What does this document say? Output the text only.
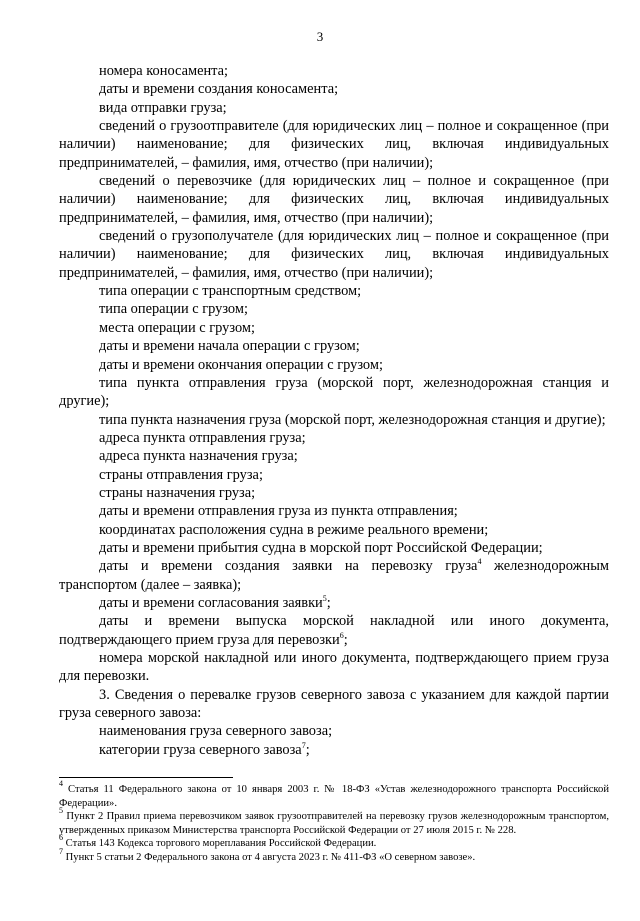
3

номера коносамента;

даты и времени создания коносамента;

вида отправки груза;

сведений о грузоотправителе (для юридических лиц – полное и сокращенное (при наличии) наименование; для физических лиц, включая индивидуальных предпринимателей, – фамилия, имя, отчество (при наличии);

сведений о перевозчике (для юридических лиц – полное и сокращенное (при наличии) наименование; для физических лиц, включая индивидуальных предпринимателей, – фамилия, имя, отчество (при наличии);

сведений о грузополучателе (для юридических лиц – полное и сокращенное (при наличии) наименование; для физических лиц, включая индивидуальных предпринимателей, – фамилия, имя, отчество (при наличии);

типа операции с транспортным средством;

типа операции с грузом;

места операции с грузом;

даты и времени начала операции с грузом;

даты и времени окончания операции с грузом;

типа пункта отправления груза (морской порт, железнодорожная станция и другие);

типа пункта назначения груза (морской порт, железнодорожная станция и другие);

адреса пункта отправления груза;

адреса пункта назначения груза;

страны отправления груза;

страны назначения груза;

даты и времени отправления груза из пункта отправления;

координатах расположения судна в режиме реального времени;

даты и времени прибытия судна в морской порт Российской Федерации;

даты и времени создания заявки на перевозку груза$^4$ железнодорожным транспортом (далее – заявка);

даты и времени согласования заявки$^5$;

даты и времени выпуска морской накладной или иного документа, подтверждающего прием груза для перевозки$^6$;

номера морской накладной или иного документа, подтверждающего прием груза для перевозки.

3. Сведения о перевалке грузов северного завоза с указанием для каждой партии груза северного завоза:

наименования груза северного завоза;

категории груза северного завоза$^7$;

$^4$ Статья 11 Федерального закона от 10 января 2003 г. № 18-ФЗ «Устав железнодорожного транспорта Российской Федерации».

$^5$ Пункт 2 Правил приема перевозчиком заявок грузоотправителей на перевозку грузов железнодорожным транспортом, утвержденных приказом Министерства транспорта Российской Федерации от 27 июля 2015 г. № 228.

$^6$ Статья 143 Кодекса торгового мореплавания Российской Федерации.

$^7$ Пункт 5 статьи 2 Федерального закона от 4 августа 2023 г. № 411-ФЗ «О северном завозе».
